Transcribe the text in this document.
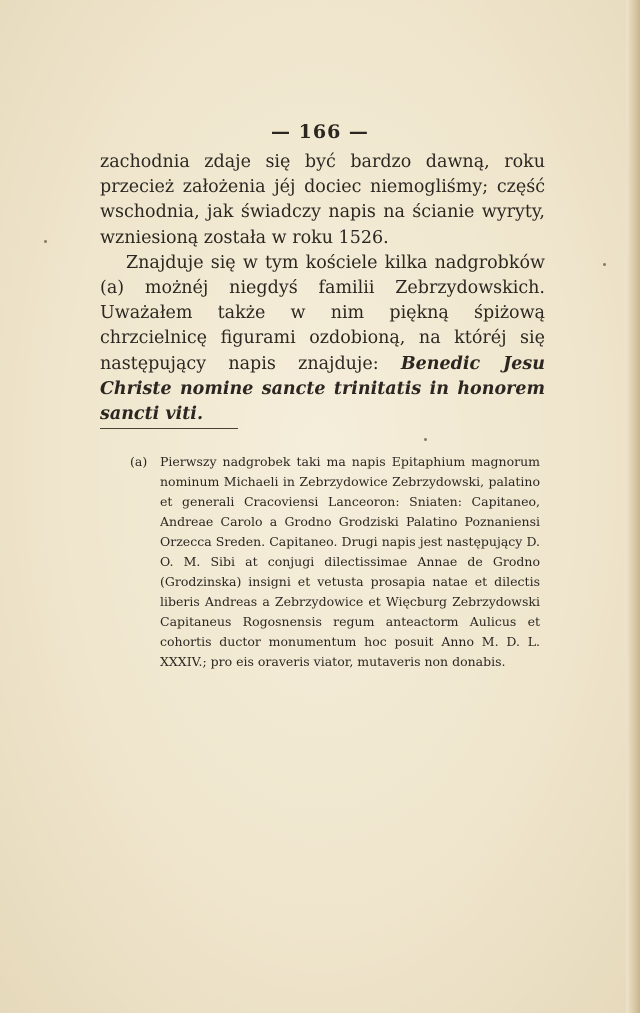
— 166 —

zachodnia zdaje się być bardzo dawną, roku przecież założenia jéj dociec niemogliśmy; część wschodnia, jak świadczy napis na ścianie wyryty, wzniesioną została w roku 1526.

Znajduje się w tym kościele kilka nadgrobków (a) możnéj niegdyś familii Zebrzydowskich. Uważałem także w nim piękną śpiżową chrzcielnicę figurami ozdobioną, na któréj się następujący napis znajduje: Benedic Jesu Christe nomine sancte trinitatis in honorem sancti viti.

(a) Pierwszy nadgrobek taki ma napis Epitaphium magnorum nominum Michaeli in Zebrzydowice Zebrzydowski, palatino et generali Cracoviensi Lanceoron: Sniaten: Capitaneo, Andreae Carolo a Grodno Grodziski Palatino Poznaniensi Orzecca Sreden. Capitaneo. Drugi napis jest następujący D. O. M. Sibi at conjugi dilectissimae Annae de Grodno (Grodzinska) insigni et vetusta prosapia natae et dilectis liberis Andreas a Zebrzydowice et Więcburg Zebrzydowski Capitaneus Rogosnensis regum anteactorm Aulicus et cohortis ductor monumentum hoc posuit Anno M. D. L. XXXIV.; pro eis oraveris viator, mutaveris non donabis.
